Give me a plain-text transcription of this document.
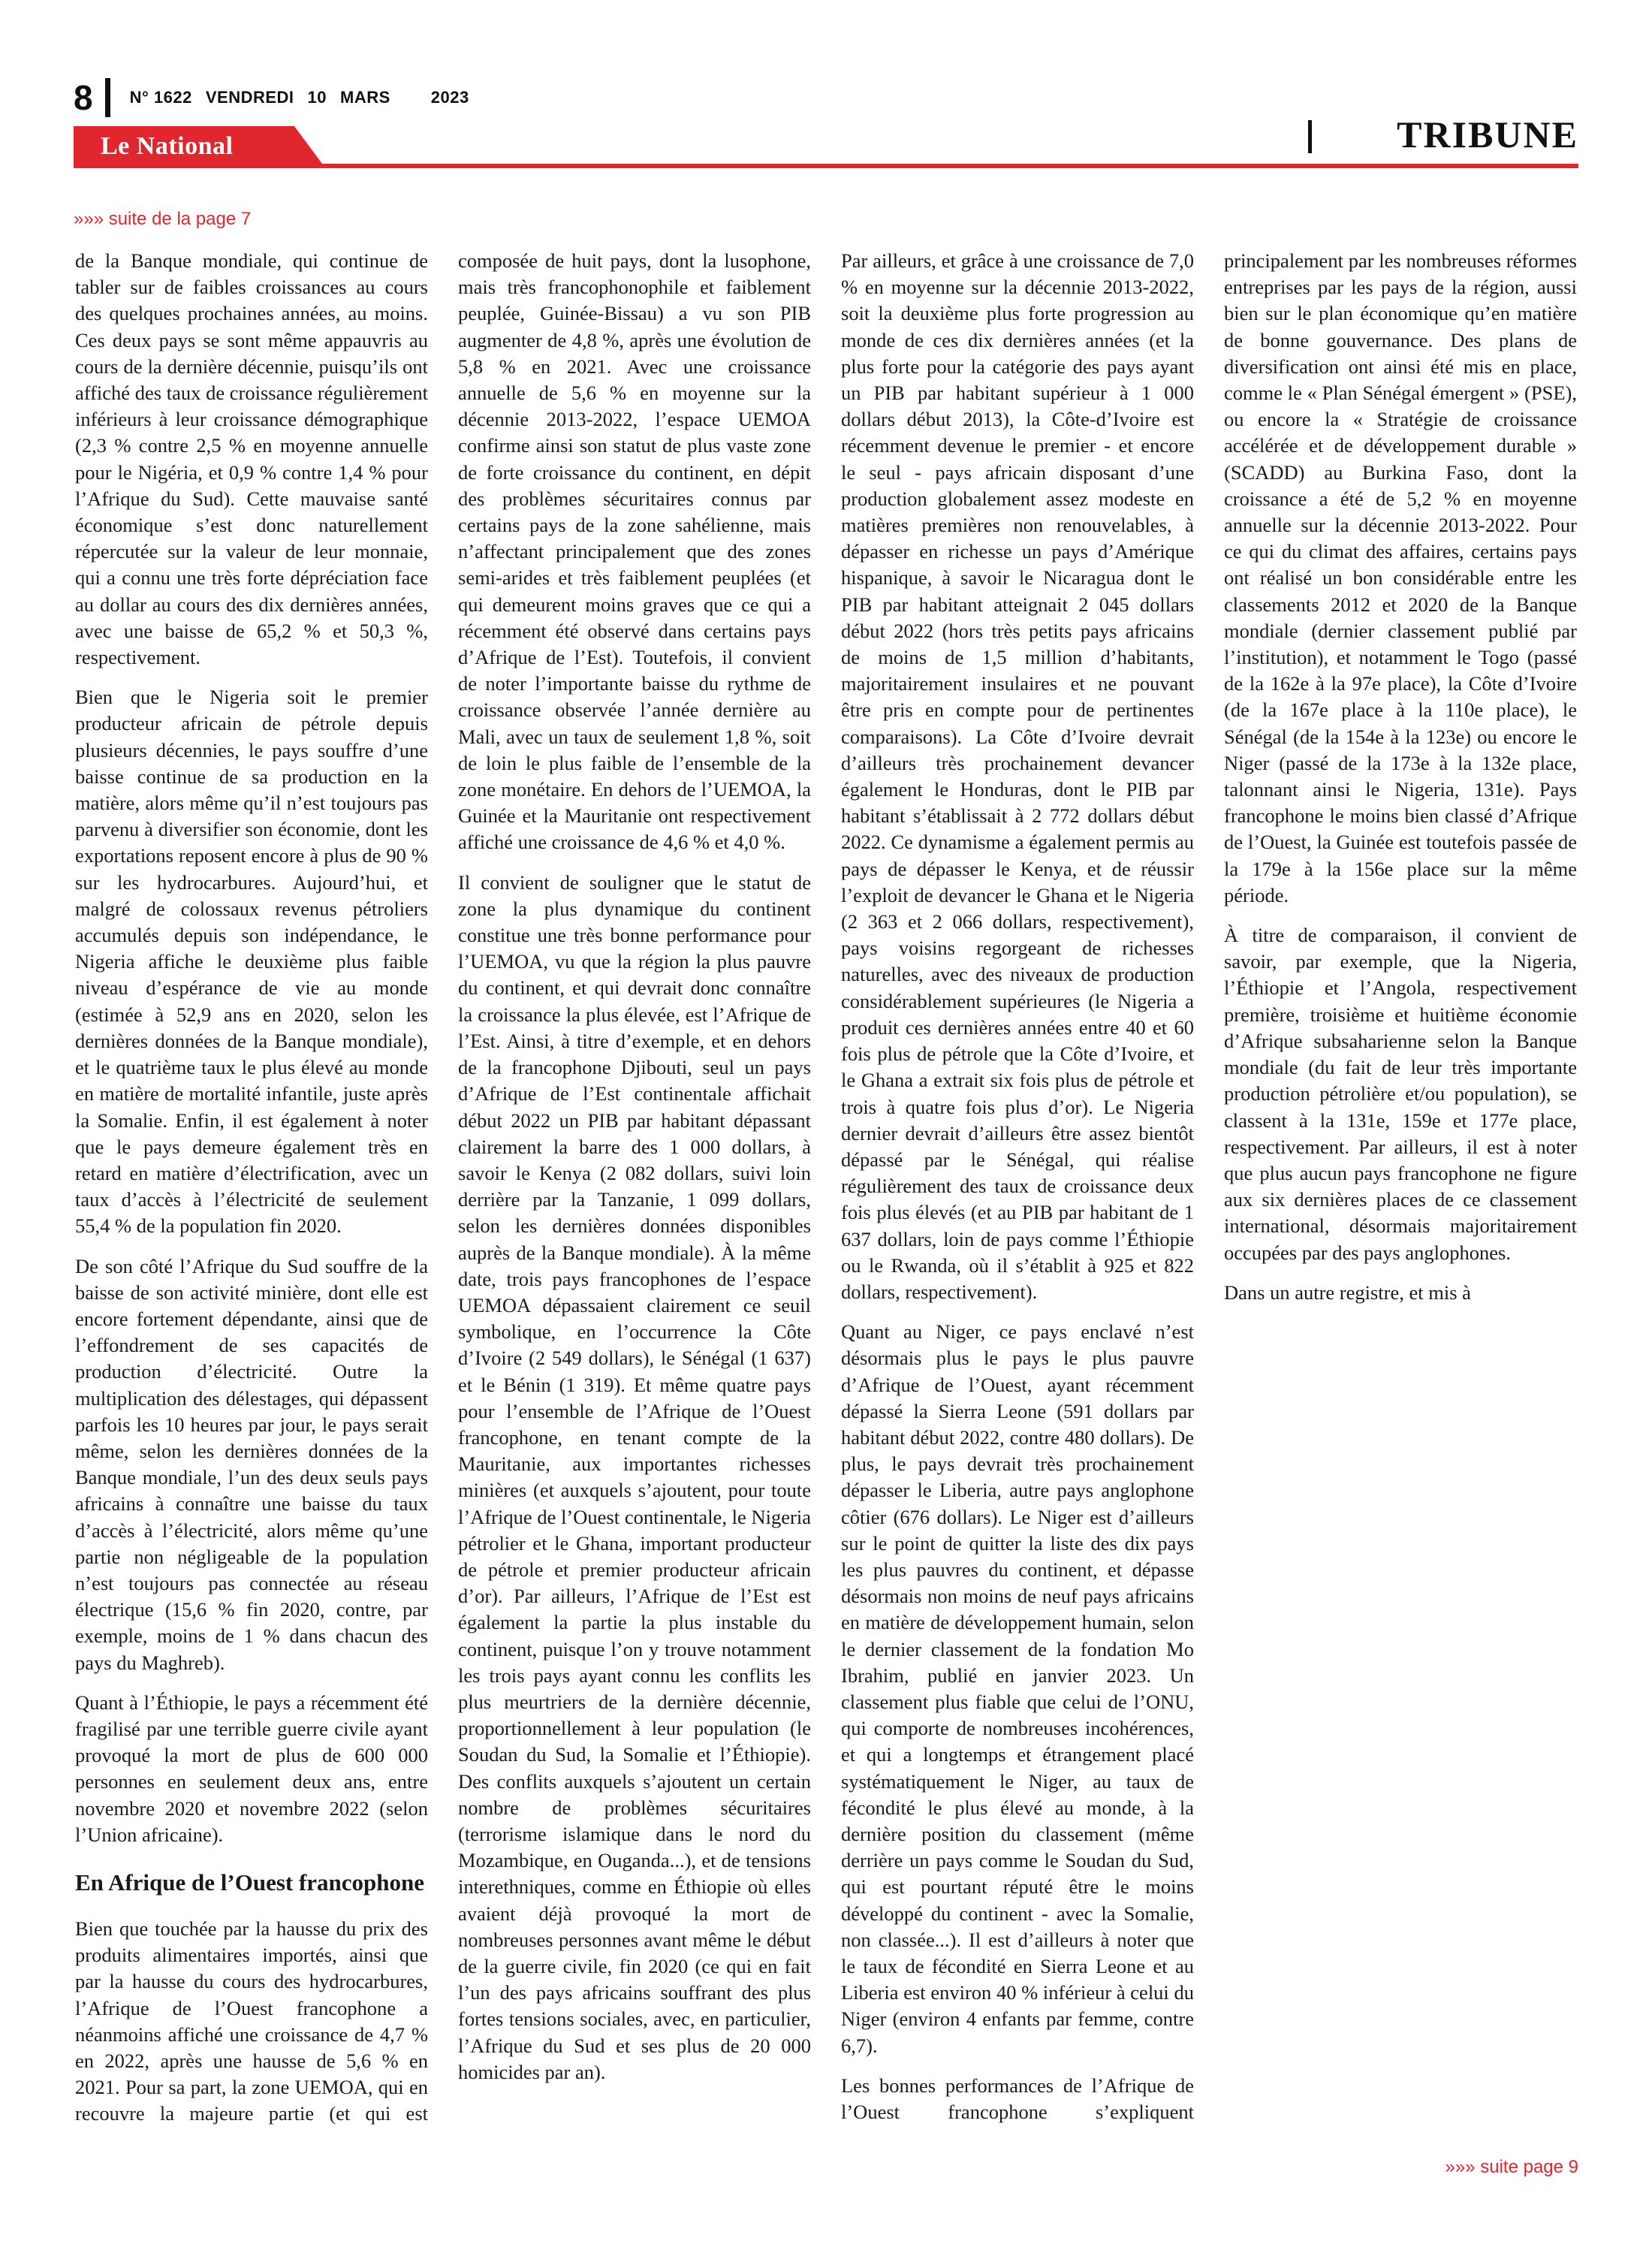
8 N° 1622 VENDREDI 10 MARS 2023
Le National	TRIBUNE
»»» suite de la page 7

de la Banque mondiale, qui continue de tabler sur de faibles croissances au cours des quelques prochaines années, au moins. Ces deux pays se sont même appauvris au cours de la dernière décennie, puisqu’ils ont affiché des taux de croissance régulièrement inférieurs à leur croissance démographique (2,3 % contre 2,5 % en moyenne annuelle pour le Nigéria, et 0,9 % contre 1,4 % pour l’Afrique du Sud). Cette mauvaise santé économique s’est donc naturellement répercutée sur la valeur de leur monnaie, qui a connu une très forte dépréciation face au dollar au cours des dix dernières années, avec une baisse de 65,2 % et 50,3 %, respectivement.

Bien que le Nigeria soit le premier producteur africain de pétrole depuis plusieurs décennies, le pays souffre d’une baisse continue de sa production en la matière, alors même qu’il n’est toujours pas parvenu à diversifier son économie, dont les exportations reposent encore à plus de 90 % sur les hydrocarbures. Aujourd’hui, et malgré de colossaux revenus pétroliers accumulés depuis son indépendance, le Nigeria affiche le deuxième plus faible niveau d’espérance de vie au monde (estimée à 52,9 ans en 2020, selon les dernières données de la Banque mondiale), et le quatrième taux le plus élevé au monde en matière de mortalité infantile, juste après la Somalie. Enfin, il est également à noter que le pays demeure également très en retard en matière d’électrification, avec un taux d’accès à l’électricité de seulement 55,4 % de la population fin 2020.

De son côté l’Afrique du Sud souffre de la baisse de son activité minière, dont elle est encore fortement dépendante, ainsi que de l’effondrement de ses capacités de production d’électricité. Outre la multiplication des délestages, qui dépassent parfois les 10 heures par jour, le pays serait même, selon les dernières données de la Banque mondiale, l’un des deux seuls pays africains à connaître une baisse du taux d’accès à l’électricité, alors même qu’une partie non négligeable de la population n’est toujours pas connectée au réseau électrique (15,6 % fin 2020, contre, par exemple, moins de 1 % dans chacun des pays du Maghreb).

Quant à l’Éthiopie, le pays a récemment été fragilisé par une terrible guerre civile ayant provoqué la mort de plus de 600 000 personnes en seulement deux ans, entre novembre 2020 et novembre 2022 (selon l’Union africaine).

En Afrique de l’Ouest francophone

Bien que touchée par la hausse du prix des produits alimentaires importés, ainsi que par la hausse du cours des hydrocarbures, l’Afrique de l’Ouest francophone a néanmoins affiché une croissance de 4,7 % en 2022, après une hausse de 5,6 % en 2021. Pour sa part, la zone UEMOA, qui en recouvre la majeure partie (et qui est composée de huit pays, dont la lusophone, mais très francophonophile et faiblement peuplée, Guinée-Bissau) a vu son PIB augmenter de 4,8 %, après une évolution de 5,8 % en 2021. Avec une croissance annuelle de 5,6 % en moyenne sur la décennie 2013-2022, l’espace UEMOA confirme ainsi son statut de plus vaste zone de forte croissance du continent, en dépit des problèmes sécuritaires connus par certains pays de la zone sahélienne, mais n’affectant principalement que des zones semi-arides et très faiblement peuplées (et qui demeurent moins graves que ce qui a récemment été observé dans certains pays d’Afrique de l’Est). Toutefois, il convient de noter l’importante baisse du rythme de croissance observée l’année dernière au Mali, avec un taux de seulement 1,8 %, soit de loin le plus faible de l’ensemble de la zone monétaire. En dehors de l’UEMOA, la Guinée et la Mauritanie ont respectivement affiché une croissance de 4,6 % et 4,0 %.

Il convient de souligner que le statut de zone la plus dynamique du continent constitue une très bonne performance pour l’UEMOA, vu que la région la plus pauvre du continent, et qui devrait donc connaître la croissance la plus élevée, est l’Afrique de l’Est. Ainsi, à titre d’exemple, et en dehors de la francophone Djibouti, seul un pays d’Afrique de l’Est continentale affichait début 2022 un PIB par habitant dépassant clairement la barre des 1 000 dollars, à savoir le Kenya (2 082 dollars, suivi loin derrière par la Tanzanie, 1 099 dollars, selon les dernières données disponibles auprès de la Banque mondiale). À la même date, trois pays francophones de l’espace UEMOA dépassaient clairement ce seuil symbolique, en l’occurrence la Côte d’Ivoire (2 549 dollars), le Sénégal (1 637) et le Bénin (1 319). Et même quatre pays pour l’ensemble de l’Afrique de l’Ouest francophone, en tenant compte de la Mauritanie, aux importantes richesses minières (et auxquels s’ajoutent, pour toute l’Afrique de l’Ouest continentale, le Nigeria pétrolier et le Ghana, important producteur de pétrole et premier producteur africain d’or). Par ailleurs, l’Afrique de l’Est est également la partie la plus instable du continent, puisque l’on y trouve notamment les trois pays ayant connu les conflits les plus meurtriers de la dernière décennie, proportionnellement à leur population (le Soudan du Sud, la Somalie et l’Éthiopie). Des conflits auxquels s’ajoutent un certain nombre de problèmes sécuritaires (terrorisme islamique dans le nord du Mozambique, en Ouganda...), et de tensions interethniques, comme en Éthiopie où elles avaient déjà provoqué la mort de nombreuses personnes avant même le début de la guerre civile, fin 2020 (ce qui en fait l’un des pays africains souffrant des plus fortes tensions sociales, avec, en particulier, l’Afrique du Sud et ses plus de 20 000 homicides par an).

Par ailleurs, et grâce à une croissance de 7,0 % en moyenne sur la décennie 2013-2022, soit la deuxième plus forte progression au monde de ces dix dernières années (et la plus forte pour la catégorie des pays ayant un PIB par habitant supérieur à 1 000 dollars début 2013), la Côte-d’Ivoire est récemment devenue le premier - et encore le seul - pays africain disposant d’une production globalement assez modeste en matières premières non renouvelables, à dépasser en richesse un pays d’Amérique hispanique, à savoir le Nicaragua dont le PIB par habitant atteignait 2 045 dollars début 2022 (hors très petits pays africains de moins de 1,5 million d’habitants, majoritairement insulaires et ne pouvant être pris en compte pour de pertinentes comparaisons). La Côte d’Ivoire devrait d’ailleurs très prochainement devancer également le Honduras, dont le PIB par habitant s’établissait à 2 772 dollars début 2022. Ce dynamisme a également permis au pays de dépasser le Kenya, et de réussir l’exploit de devancer le Ghana et le Nigeria (2 363 et 2 066 dollars, respectivement), pays voisins regorgeant de richesses naturelles, avec des niveaux de production considérablement supérieures (le Nigeria a produit ces dernières années entre 40 et 60 fois plus de pétrole que la Côte d’Ivoire, et le Ghana a extrait six fois plus de pétrole et trois à quatre fois plus d’or). Le Nigeria dernier devrait d’ailleurs être assez bientôt dépassé par le Sénégal, qui réalise régulièrement des taux de croissance deux fois plus élevés (et au PIB par habitant de 1 637 dollars, loin de pays comme l’Éthiopie ou le Rwanda, où il s’établit à 925 et 822 dollars, respectivement).

Quant au Niger, ce pays enclavé n’est désormais plus le pays le plus pauvre d’Afrique de l’Ouest, ayant récemment dépassé la Sierra Leone (591 dollars par habitant début 2022, contre 480 dollars). De plus, le pays devrait très prochainement dépasser le Liberia, autre pays anglophone côtier (676 dollars). Le Niger est d’ailleurs sur le point de quitter la liste des dix pays les plus pauvres du continent, et dépasse désormais non moins de neuf pays africains en matière de développement humain, selon le dernier classement de la fondation Mo Ibrahim, publié en janvier 2023. Un classement plus fiable que celui de l’ONU, qui comporte de nombreuses incohérences, et qui a longtemps et étrangement placé systématiquement le Niger, au taux de fécondité le plus élevé au monde, à la dernière position du classement (même derrière un pays comme le Soudan du Sud, qui est pourtant réputé être le moins développé du continent - avec la Somalie, non classée...). Il est d’ailleurs à noter que le taux de fécondité en Sierra Leone et au Liberia est environ 40 % inférieur à celui du Niger (environ 4 enfants par femme, contre 6,7).

Les bonnes performances de l’Afrique de l’Ouest francophone s’expliquent principalement par les nombreuses réformes entreprises par les pays de la région, aussi bien sur le plan économique qu’en matière de bonne gouvernance. Des plans de diversification ont ainsi été mis en place, comme le « Plan Sénégal émergent » (PSE), ou encore la « Stratégie de croissance accélérée et de développement durable » (SCADD) au Burkina Faso, dont la croissance a été de 5,2 % en moyenne annuelle sur la décennie 2013-2022. Pour ce qui du climat des affaires, certains pays ont réalisé un bon considérable entre les classements 2012 et 2020 de la Banque mondiale (dernier classement publié par l’institution), et notamment le Togo (passé de la 162e à la 97e place), la Côte d’Ivoire (de la 167e place à la 110e place), le Sénégal (de la 154e à la 123e) ou encore le Niger (passé de la 173e à la 132e place, talonnant ainsi le Nigeria, 131e). Pays francophone le moins bien classé d’Afrique de l’Ouest, la Guinée est toutefois passée de la 179e à la 156e place sur la même période.

À titre de comparaison, il convient de savoir, par exemple, que la Nigeria, l’Éthiopie et l’Angola, respectivement première, troisième et huitième économie d’Afrique subsaharienne selon la Banque mondiale (du fait de leur très importante production pétrolière et/ou population), se classent à la 131e, 159e et 177e place, respectivement. Par ailleurs, il est à noter que plus aucun pays francophone ne figure aux six dernières places de ce classement international, désormais majoritairement occupées par des pays anglophones.

Dans un autre registre, et mis à

»»» suite page 9
